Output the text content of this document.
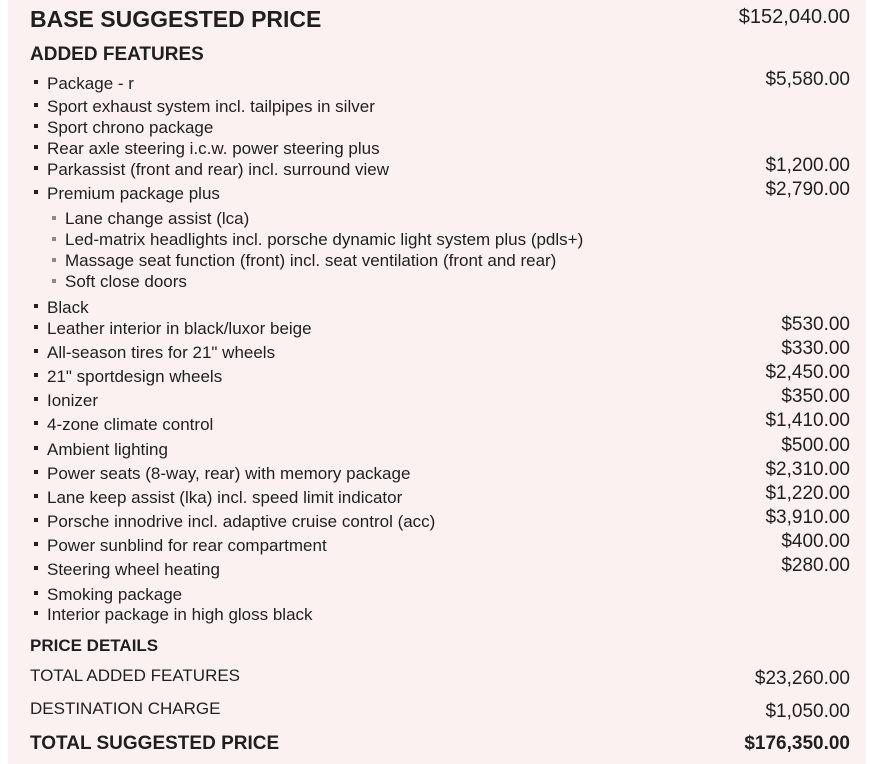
BASE SUGGESTED PRICE	$152,040.00
ADDED FEATURES
Package - r	$5,580.00
Sport exhaust system incl. tailpipes in silver
Sport chrono package
Rear axle steering i.c.w. power steering plus
Parkassist (front and rear) incl. surround view	$1,200.00
Premium package plus	$2,790.00
Lane change assist (lca)
Led-matrix headlights incl. porsche dynamic light system plus (pdls+)
Massage seat function (front) incl. seat ventilation (front and rear)
Soft close doors
Black
Leather interior in black/luxor beige	$530.00
All-season tires for 21" wheels	$330.00
21" sportdesign wheels	$2,450.00
Ionizer	$350.00
4-zone climate control	$1,410.00
Ambient lighting	$500.00
Power seats (8-way, rear) with memory package	$2,310.00
Lane keep assist (lka) incl. speed limit indicator	$1,220.00
Porsche innodrive incl. adaptive cruise control (acc)	$3,910.00
Power sunblind for rear compartment	$400.00
Steering wheel heating	$280.00
Smoking package
Interior package in high gloss black
PRICE DETAILS
TOTAL ADDED FEATURES	$23,260.00
DESTINATION CHARGE	$1,050.00
TOTAL SUGGESTED PRICE	$176,350.00
